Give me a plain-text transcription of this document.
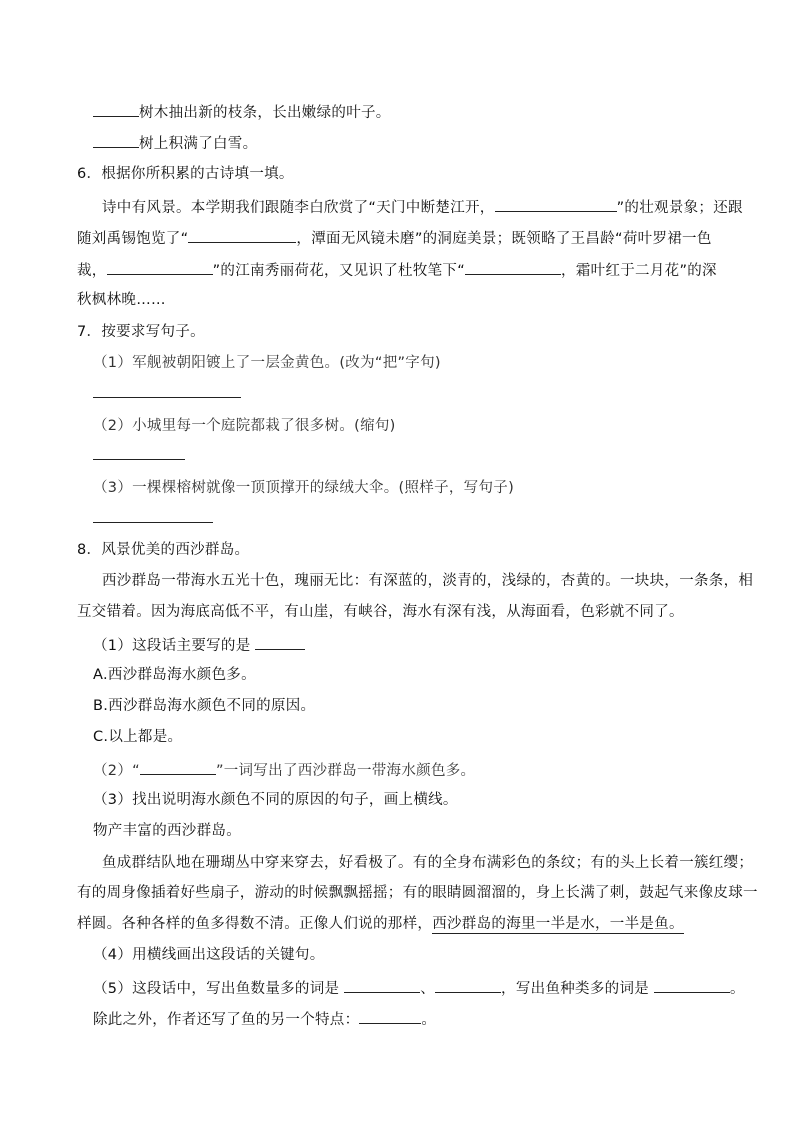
树木抽出新的枝条，长出嫩绿的叶子。
树上积满了白雪。
6．根据你所积累的古诗填一填。
诗中有风景。本学期我们跟随李白欣赏了“天门中断楚江开，	”的壮观景象；还跟
随刘禹锡饱览了“	，潭面无风镜未磨”的洞庭美景；既领略了王昌龄“荷叶罗裙一色
裁，	”的江南秀丽荷花，又见识了杜牧笔下“	，霜叶红于二月花”的深
秋枫林晚……
7．按要求写句子。
（1）军舰被朝阳镀上了一层金黄色。(改为“把”字句)
（2）小城里每一个庭院都栽了很多树。(缩句)
（3）一棵棵榕树就像一顶顶撑开的绿绒大伞。(照样子，写句子)
8．风景优美的西沙群岛。
西沙群岛一带海水五光十色，瑰丽无比：有深蓝的，淡青的，浅绿的，杏黄的。一块块，一条条，相
互交错着。因为海底高低不平，有山崖，有峡谷，海水有深有浅，从海面看，色彩就不同了。
（1）这段话主要写的是
A.西沙群岛海水颜色多。
B.西沙群岛海水颜色不同的原因。
C.以上都是。
（2）“	”一词写出了西沙群岛一带海水颜色多。
（3）找出说明海水颜色不同的原因的句子，画上横线。
物产丰富的西沙群岛。
鱼成群结队地在珊瑚丛中穿来穿去，好看极了。有的全身布满彩色的条纹；有的头上长着一簇红缨；
有的周身像插着好些扇子，游动的时候飘飘摇摇；有的眼睛圆溜溜的，身上长满了刺，鼓起气来像皮球一
样圆。各种各样的鱼多得数不清。正像人们说的那样，西沙群岛的海里一半是水，一半是鱼。
（4）用横线画出这段话的关键句。
（5）这段话中，写出鱼数量多的词是	、	，写出鱼种类多的词是	。
除此之外，作者还写了鱼的另一个特点：	。
